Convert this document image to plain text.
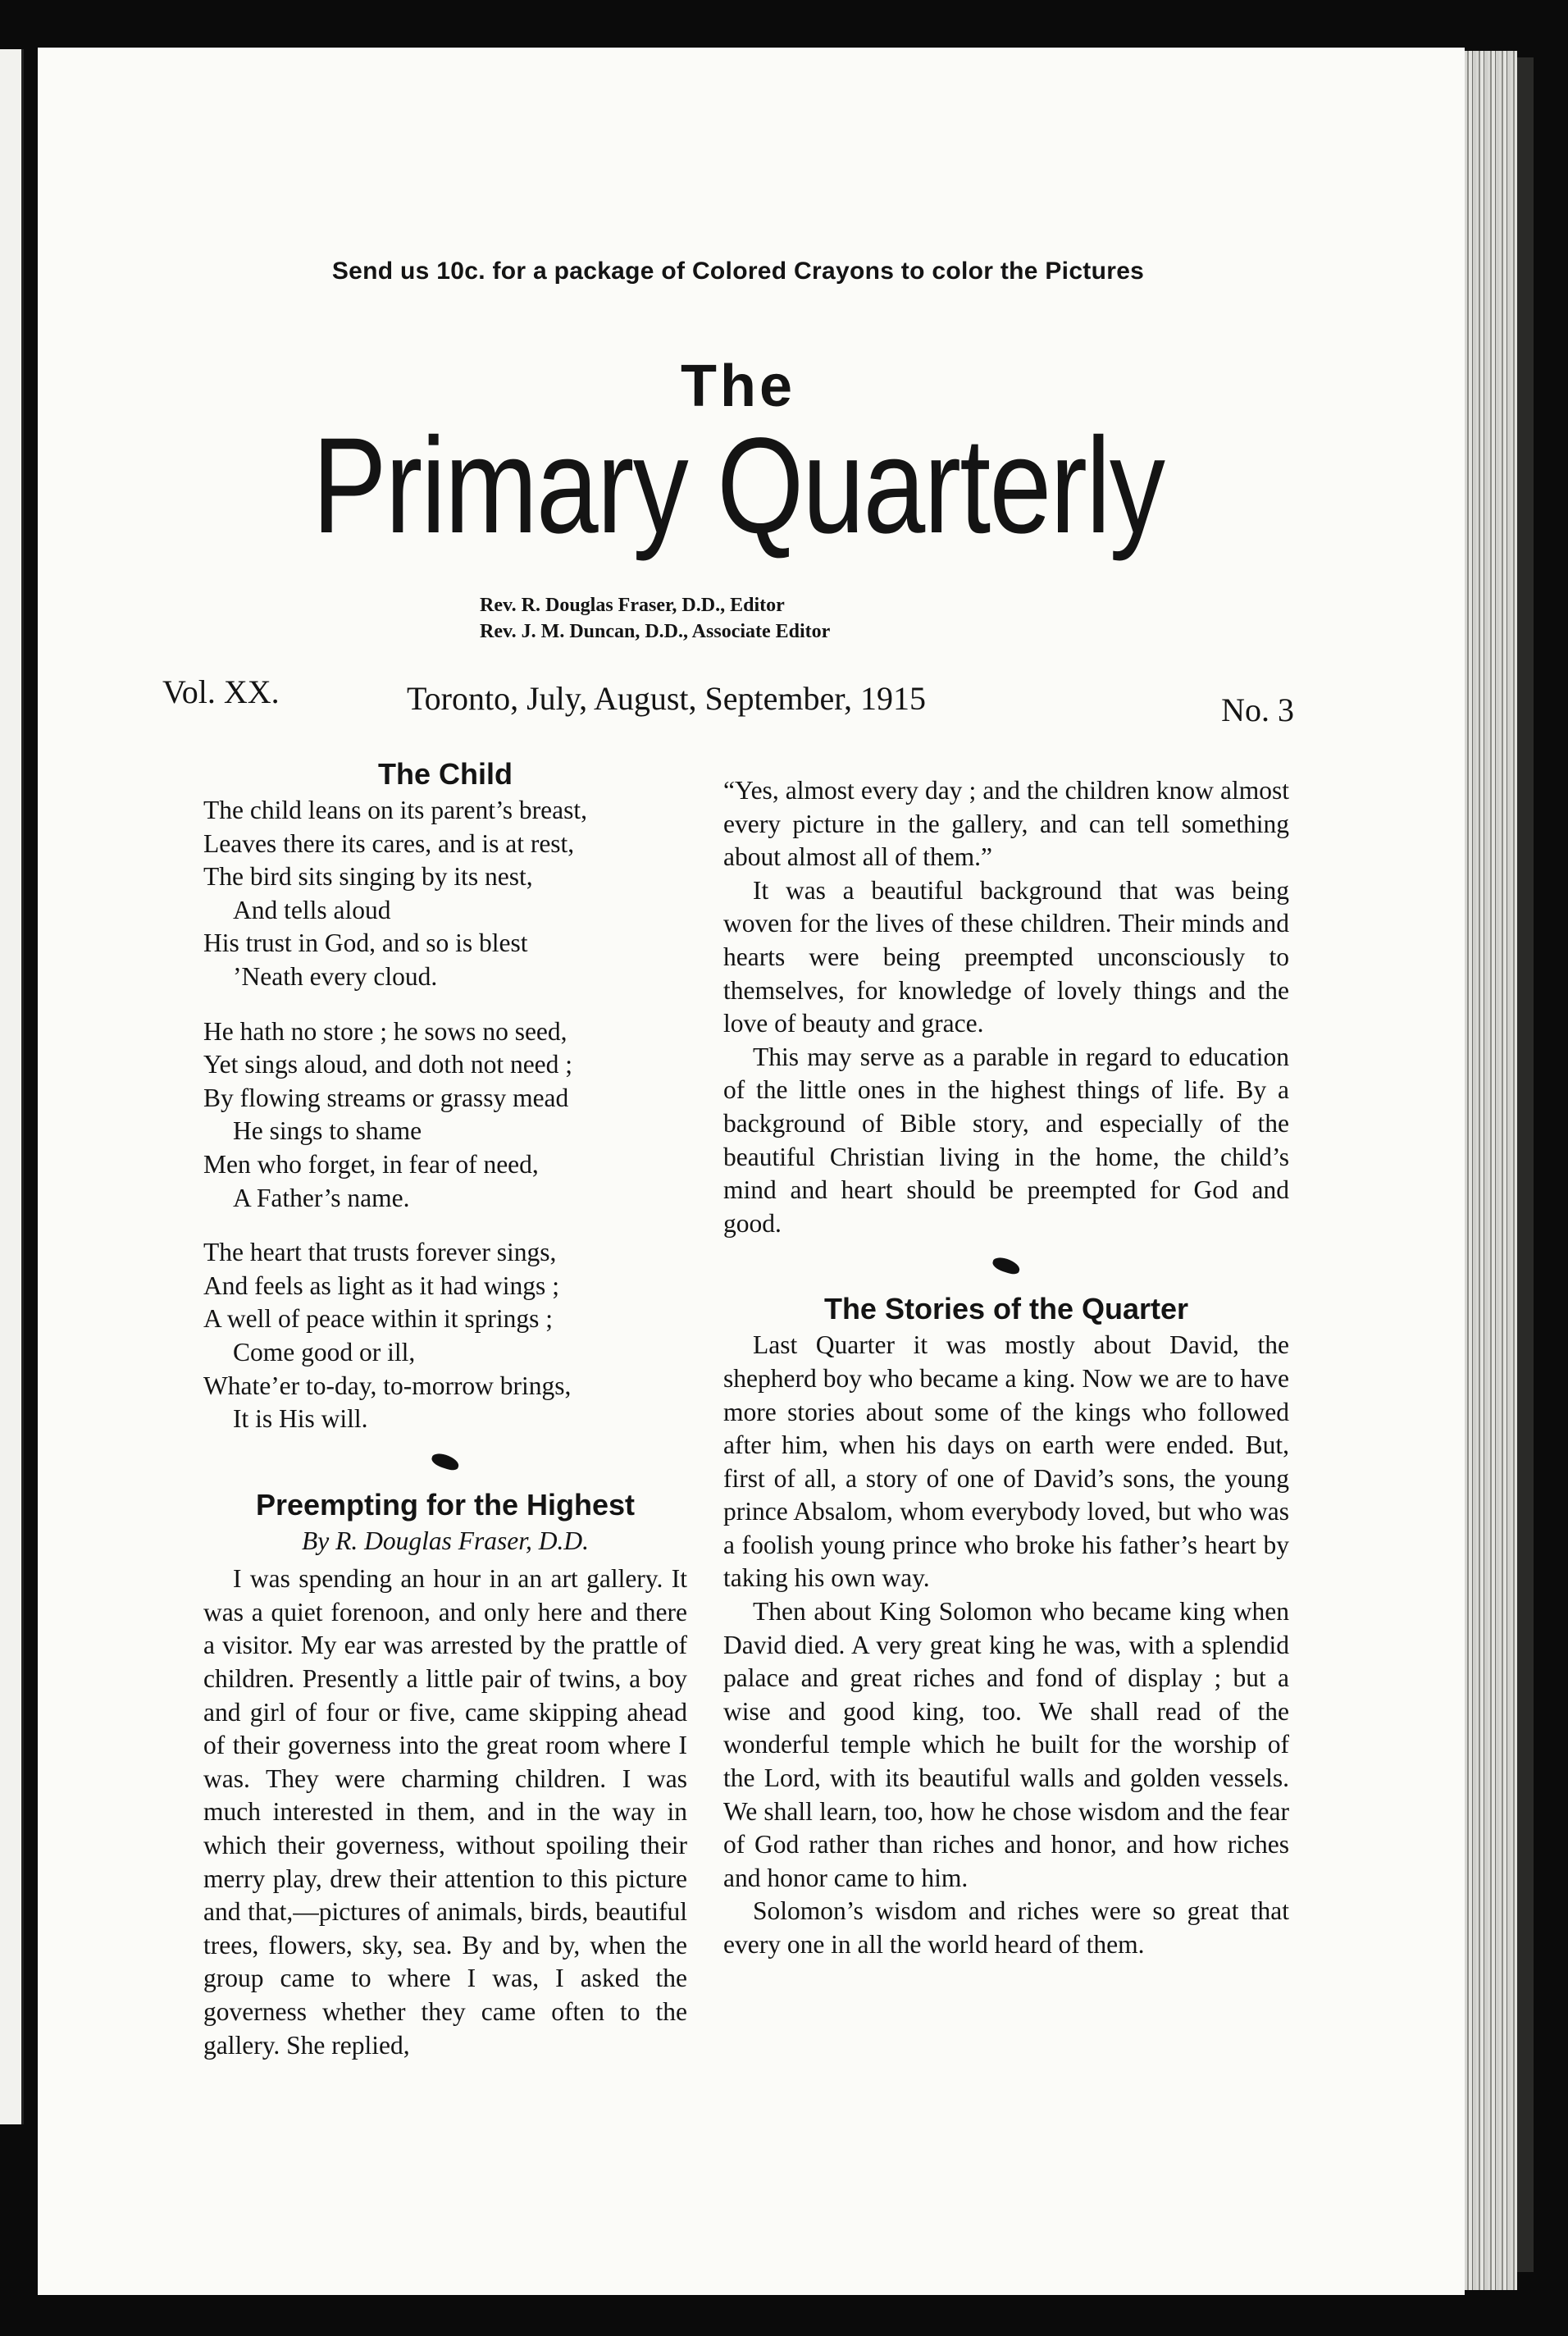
Send us 10c. for a package of Colored Crayons to color the Pictures
The
Primary Quarterly
Rev. R. Douglas Fraser, D.D., Editor
Rev. J. M. Duncan, D.D., Associate Editor
Vol. XX.	Toronto, July, August, September, 1915	No. 3
The Child
The child leans on its parent’s breast,
Leaves there its cares, and is at rest,
The bird sits singing by its nest,
And tells aloud
His trust in God, and so is blest
’Neath every cloud.
He hath no store ; he sows no seed,
Yet sings aloud, and doth not need ;
By flowing streams or grassy mead
He sings to shame
Men who forget, in fear of need,
A Father’s name.
The heart that trusts forever sings,
And feels as light as it had wings ;
A well of peace within it springs ;
Come good or ill,
Whate’er to-day, to-morrow brings,
It is His will.
Preempting for the Highest
By R. Douglas Fraser, D.D.

I was spending an hour in an art gallery. It was a quiet forenoon, and only here and there a visitor. My ear was arrested by the prattle of children. Presently a little pair of twins, a boy and girl of four or five, came skipping ahead of their governess into the great room where I was. They were charming children. I was much interested in them, and in the way in which their governess, without spoiling their merry play, drew their attention to this picture and that,—pictures of animals, birds, beautiful trees, flowers, sky, sea. By and by, when the group came to where I was, I asked the governess whether they came often to the gallery. She replied,

“Yes, almost every day ; and the children know almost every picture in the gallery, and can tell something about almost all of them.”

It was a beautiful background that was being woven for the lives of these children. Their minds and hearts were being preempted unconsciously to themselves, for knowledge of lovely things and the love of beauty and grace.

This may serve as a parable in regard to education of the little ones in the highest things of life. By a background of Bible story, and especially of the beautiful Christian living in the home, the child’s mind and heart should be preempted for God and good.

The Stories of the Quarter

Last Quarter it was mostly about David, the shepherd boy who became a king. Now we are to have more stories about some of the kings who followed after him, when his days on earth were ended. But, first of all, a story of one of David’s sons, the young prince Absalom, whom everybody loved, but who was a foolish young prince who broke his father’s heart by taking his own way.

Then about King Solomon who became king when David died. A very great king he was, with a splendid palace and great riches and fond of display ; but a wise and good king, too. We shall read of the wonderful temple which he built for the worship of the Lord, with its beautiful walls and golden vessels. We shall learn, too, how he chose wisdom and the fear of God rather than riches and honor, and how riches and honor came to him.

Solomon’s wisdom and riches were so great that every one in all the world heard of them.
